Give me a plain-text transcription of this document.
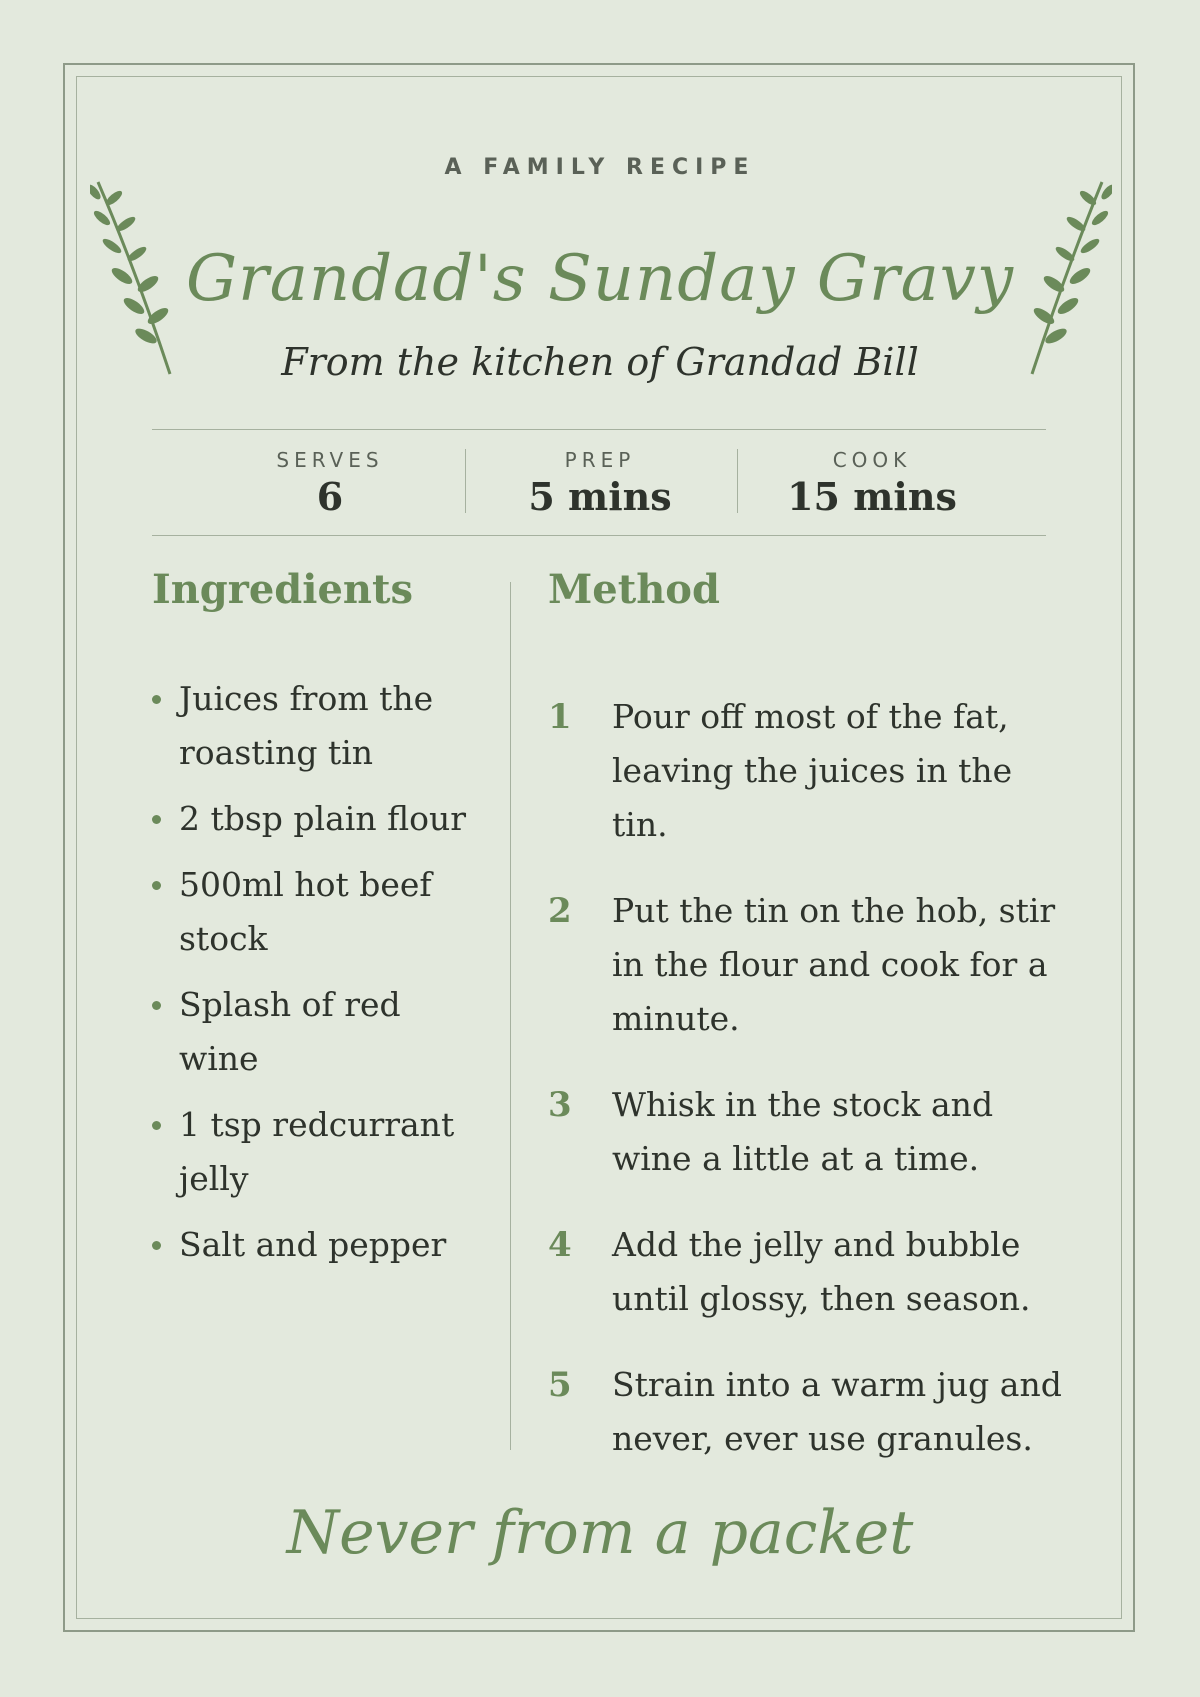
A FAMILY RECIPE
Grandad's Sunday Gravy
From the kitchen of Grandad Bill
SERVES
6
PREP
5 mins
COOK
15 mins
Ingredients	Method
Juices from the roasting tin
2 tbsp plain flour
500ml hot beef stock
Splash of red wine
1 tsp redcurrant jelly
Salt and pepper
1 Pour off most of the fat, leaving the juices in the tin.
2 Put the tin on the hob, stir in the flour and cook for a minute.
3 Whisk in the stock and wine a little at a time.
4 Add the jelly and bubble until glossy, then season.
5 Strain into a warm jug and never, ever use granules.
Never from a packet
